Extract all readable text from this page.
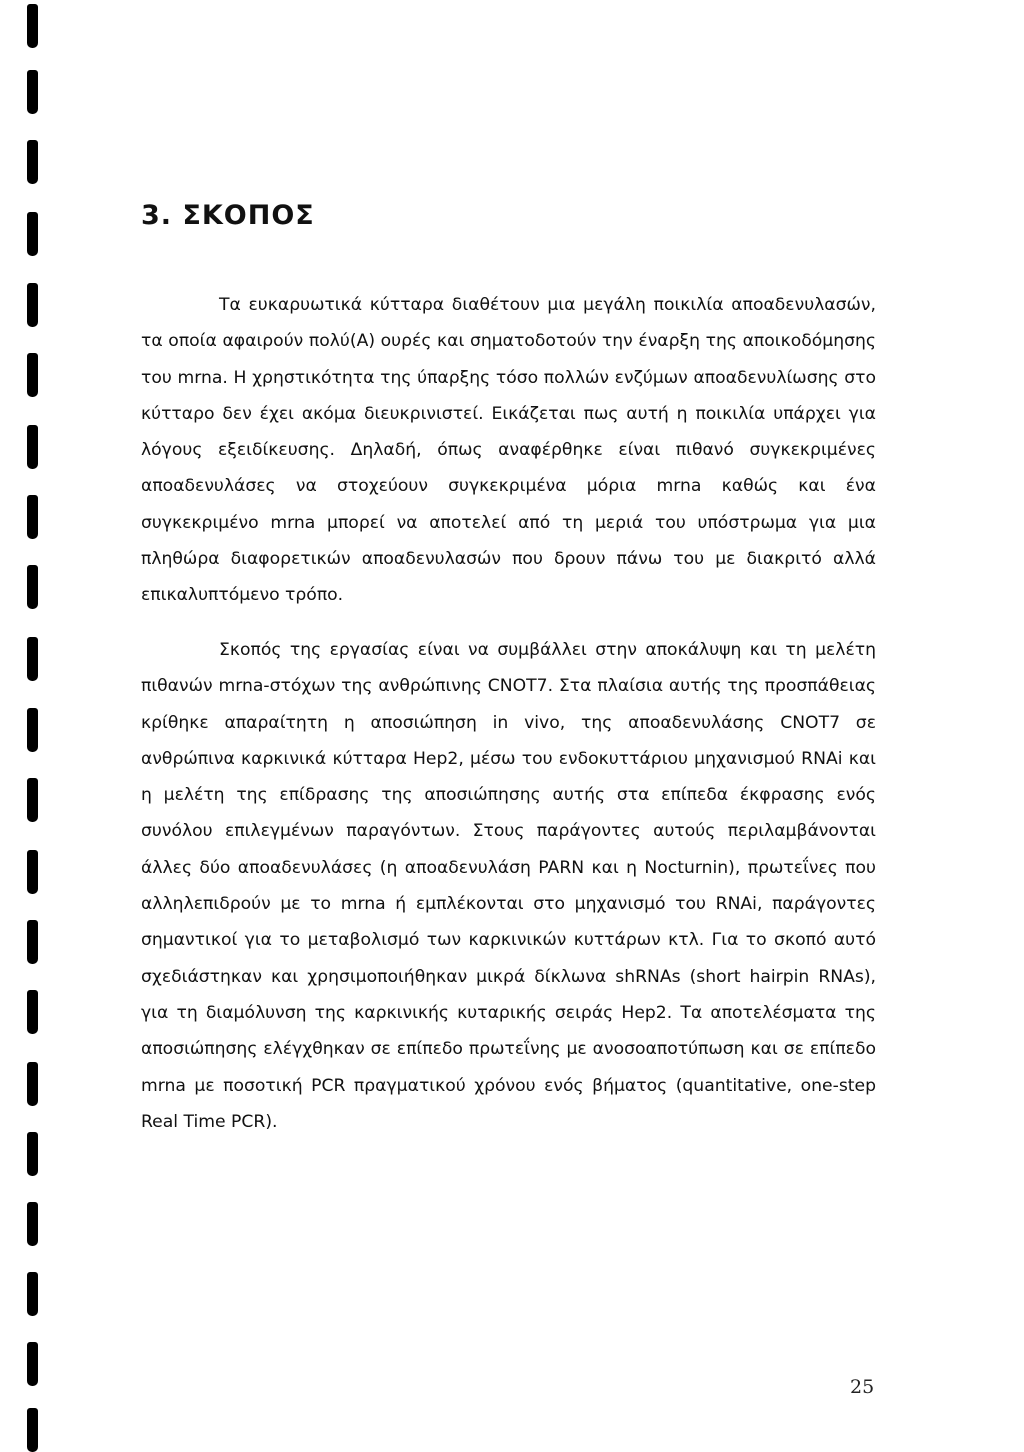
3. ΣΚΟΠΟΣ

Τα ευκαρυωτικά κύτταρα διαθέτουν μια μεγάλη ποικιλία αποαδενυλασών, τα οποία αφαιρούν πολύ(Α) ουρές και σηματοδοτούν την έναρξη της αποικοδόμησης του mrna. Η χρηστικότητα της ύπαρξης τόσο πολλών ενζύμων αποαδενυλίωσης στο κύτταρο δεν έχει ακόμα διευκρινιστεί. Εικάζεται πως αυτή η ποικιλία υπάρχει για λόγους εξειδίκευσης. Δηλαδή, όπως αναφέρθηκε είναι πιθανό συγκεκριμένες αποαδενυλάσες να στοχεύουν συγκεκριμένα μόρια mrna καθώς και ένα συγκεκριμένο mrna μπορεί να αποτελεί από τη μεριά του υπόστρωμα για μια πληθώρα διαφορετικών αποαδενυλασών που δρουν πάνω του με διακριτό αλλά επικαλυπτόμενο τρόπο.

Σκοπός της εργασίας είναι να συμβάλλει στην αποκάλυψη και τη μελέτη πιθανών mrna-στόχων της ανθρώπινης CNOT7. Στα πλαίσια αυτής της προσπάθειας κρίθηκε απαραίτητη η αποσιώπηση in vivo, της αποαδενυλάσης CNOT7 σε ανθρώπινα καρκινικά κύτταρα Hep2, μέσω του ενδοκυττάριου μηχανισμού RNAi και η μελέτη της επίδρασης της αποσιώπησης αυτής στα επίπεδα έκφρασης ενός συνόλου επιλεγμένων παραγόντων. Στους παράγοντες αυτούς περιλαμβάνονται άλλες δύο αποαδενυλάσες (η αποαδενυλάση PARN και η Nocturnin), πρωτεΐνες που αλληλεπιδρούν με το mrna ή εμπλέκονται στο μηχανισμό του RNAi, παράγοντες σημαντικοί για το μεταβολισμό των καρκινικών κυττάρων κτλ. Για το σκοπό αυτό σχεδιάστηκαν και χρησιμοποιήθηκαν μικρά δίκλωνα shRNAs (short hairpin RNAs), για τη διαμόλυνση της καρκινικής κυταρικής σειράς Hep2. Τα αποτελέσματα της αποσιώπησης ελέγχθηκαν σε επίπεδο πρωτεΐνης με ανοσοαποτύπωση και σε επίπεδο mrna με ποσοτική PCR πραγματικού χρόνου ενός βήματος (quantitative, one-step Real Time PCR).

25
